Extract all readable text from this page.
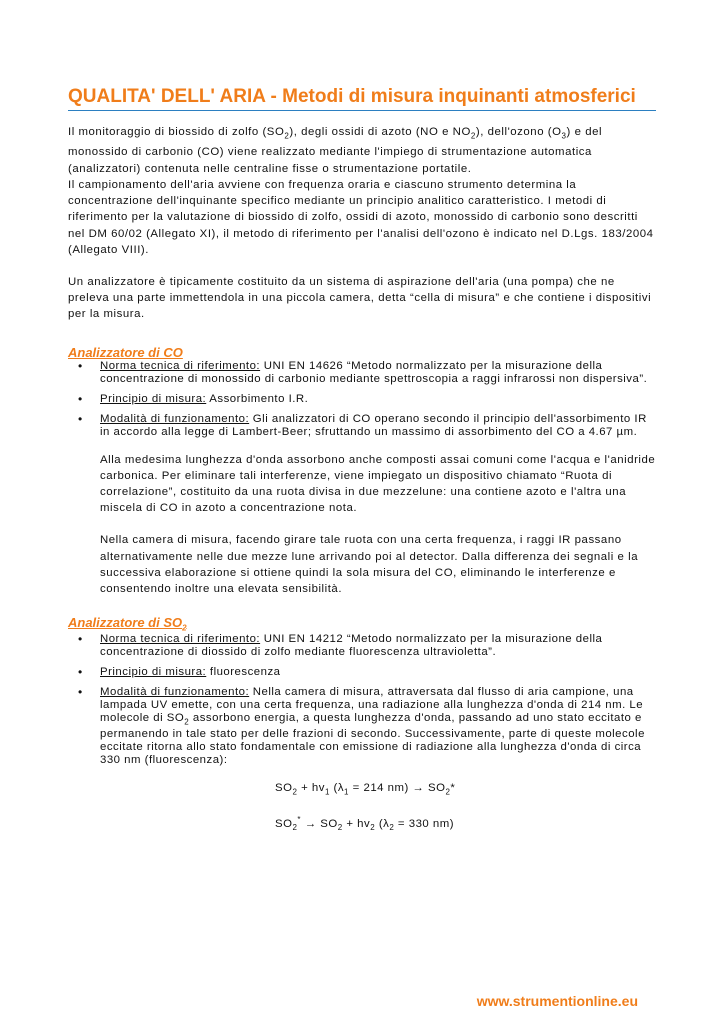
QUALITA' DELL' ARIA - Metodi di misura inquinanti atmosferici

Il monitoraggio di biossido di zolfo $(SO_2)$, degli ossidi di azoto (NO e $NO_2$), dell'ozono $(O_3)$ e del monossido di carbonio (CO) viene realizzato mediante l'impiego di strumentazione automatica (analizzatori) contenuta nelle centraline fisse o strumentazione portatile.
Il campionamento dell'aria avviene con frequenza oraria e ciascuno strumento determina la concentrazione dell'inquinante specifico mediante un principio analitico caratteristico. I metodi di riferimento per la valutazione di biossido di zolfo, ossidi di azoto, monossido di carbonio sono descritti nel DM 60/02 (Allegato XI), il metodo di riferimento per l'analisi dell'ozono è indicato nel D.Lgs. 183/2004 (Allegato VIII).

Un analizzatore è tipicamente costituito da un sistema di aspirazione dell'aria (una pompa) che ne preleva una parte immettendola in una piccola camera, detta “cella di misura” e che contiene i dispositivi per la misura.

Analizzatore di CO
• Norma tecnica di riferimento: UNI EN 14626 “Metodo normalizzato per la misurazione della concentrazione di monossido di carbonio mediante spettroscopia a raggi infrarossi non dispersiva”.
• Principio di misura: Assorbimento I.R.
• Modalità di funzionamento: Gli analizzatori di CO operano secondo il principio dell'assorbimento IR in accordo alla legge di Lambert-Beer; sfruttando un massimo di assorbimento del CO a 4.67 µm.

Alla medesima lunghezza d'onda assorbono anche composti assai comuni come l'acqua e l'anidride carbonica. Per eliminare tali interferenze, viene impiegato un dispositivo chiamato “Ruota di correlazione”, costituito da una ruota divisa in due mezzelune: una contiene azoto e l'altra una miscela di CO in azoto a concentrazione nota.

Nella camera di misura, facendo girare tale ruota con una certa frequenza, i raggi IR passano alternativamente nelle due mezze lune arrivando poi al detector. Dalla differenza dei segnali e la successiva elaborazione si ottiene quindi la sola misura del CO, eliminando le interferenze e consentendo inoltre una elevata sensibilità.

Analizzatore di $SO_2$
• Norma tecnica di riferimento: UNI EN 14212 “Metodo normalizzato per la misurazione della concentrazione di diossido di zolfo mediante fluorescenza ultravioletta”.
• Principio di misura: fluorescenza
• Modalità di funzionamento: Nella camera di misura, attraversata dal flusso di aria campione, una lampada UV emette, con una certa frequenza, una radiazione alla lunghezza d'onda di 214 nm. Le molecole di $SO_2$ assorbono energia, a questa lunghezza d'onda, passando ad uno stato eccitato e permanendo in tale stato per delle frazioni di secondo. Successivamente, parte di queste molecole eccitate ritorna allo stato fondamentale con emissione di radiazione alla lunghezza d'onda di circa 330 nm (fluorescenza):
$SO_2 + hv_1$ ($\lambda_1 = 214$ $nm) \to SO_2*$
$SO_2^* \to SO_2 + hv_2$ ($\lambda_2 = 330$ nm)
www.strumentionline.eu
